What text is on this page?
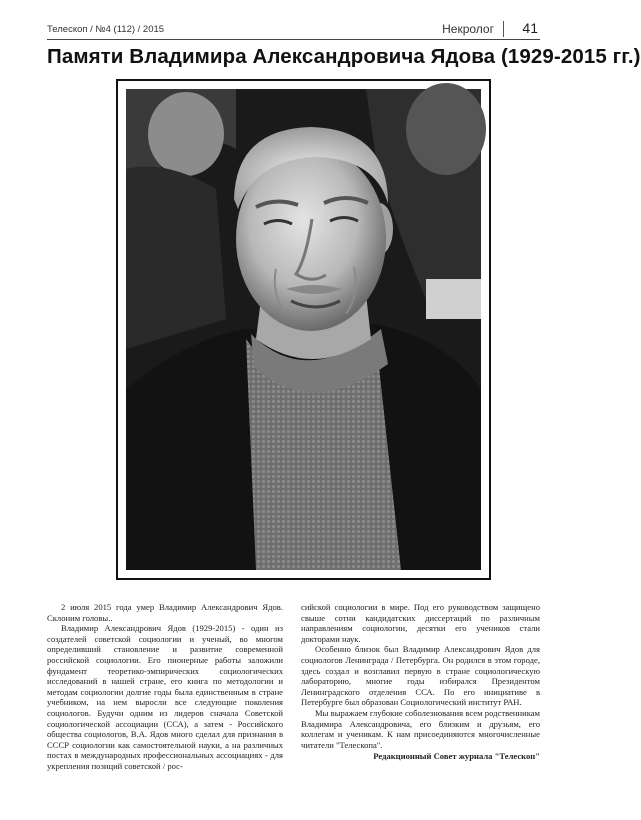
Телескоп / №4 (112) / 2015	Некролог 41
Памяти Владимира Александровича Ядова (1929-2015 гг.)

2 июля 2015 года умер Владимир Александрович Ядов. Склоним головы..

Владимир Александрович Ядов (1929-2015) - один из создателей советской социологии и ученый, во многом определивший становление и развитие современной российской социологии. Его пионерные работы заложили фундамент теоретико-эмпирических социологических исследований в нашей стране, его книга по методологии и методам социологии долгие годы была единственным в стране учебником, на нем выросли все следующие поколения социологов. Будучи одним из лидеров сначала Советской социологической ассоциации (ССА), а затем - Российского общества социологов, В.А. Ядов много сделал для признания в СССР социологии как самостоятельной науки, а на различных постах в международных профессиональных ассоциациях - для укрепления позиций советской / рос-

сийской социологии в мире. Под его руководством защищено свыше сотни кандидатских диссертаций по различным направлениям социологии, десятки его учеников стали докторами наук.

Особенно близок был Владимир Александрович Ядов для социологов Ленинграда / Петербурга. Он родился в этом городе, здесь создал и возглавил первую в стране социологическую лабораторию, многие годы избирался Президентом Ленинградского отделения ССА. По его инициативе в Петербурге был образован Социологический институт РАН.

Мы выражаем глубокие соболезнования всем родственникам Владимира Александровича, его близким и друзьям, его коллегам и ученикам. К нам присоединяются многочисленные читатели "Телескопа".

Редакционный Совет журнала "Телескоп"
